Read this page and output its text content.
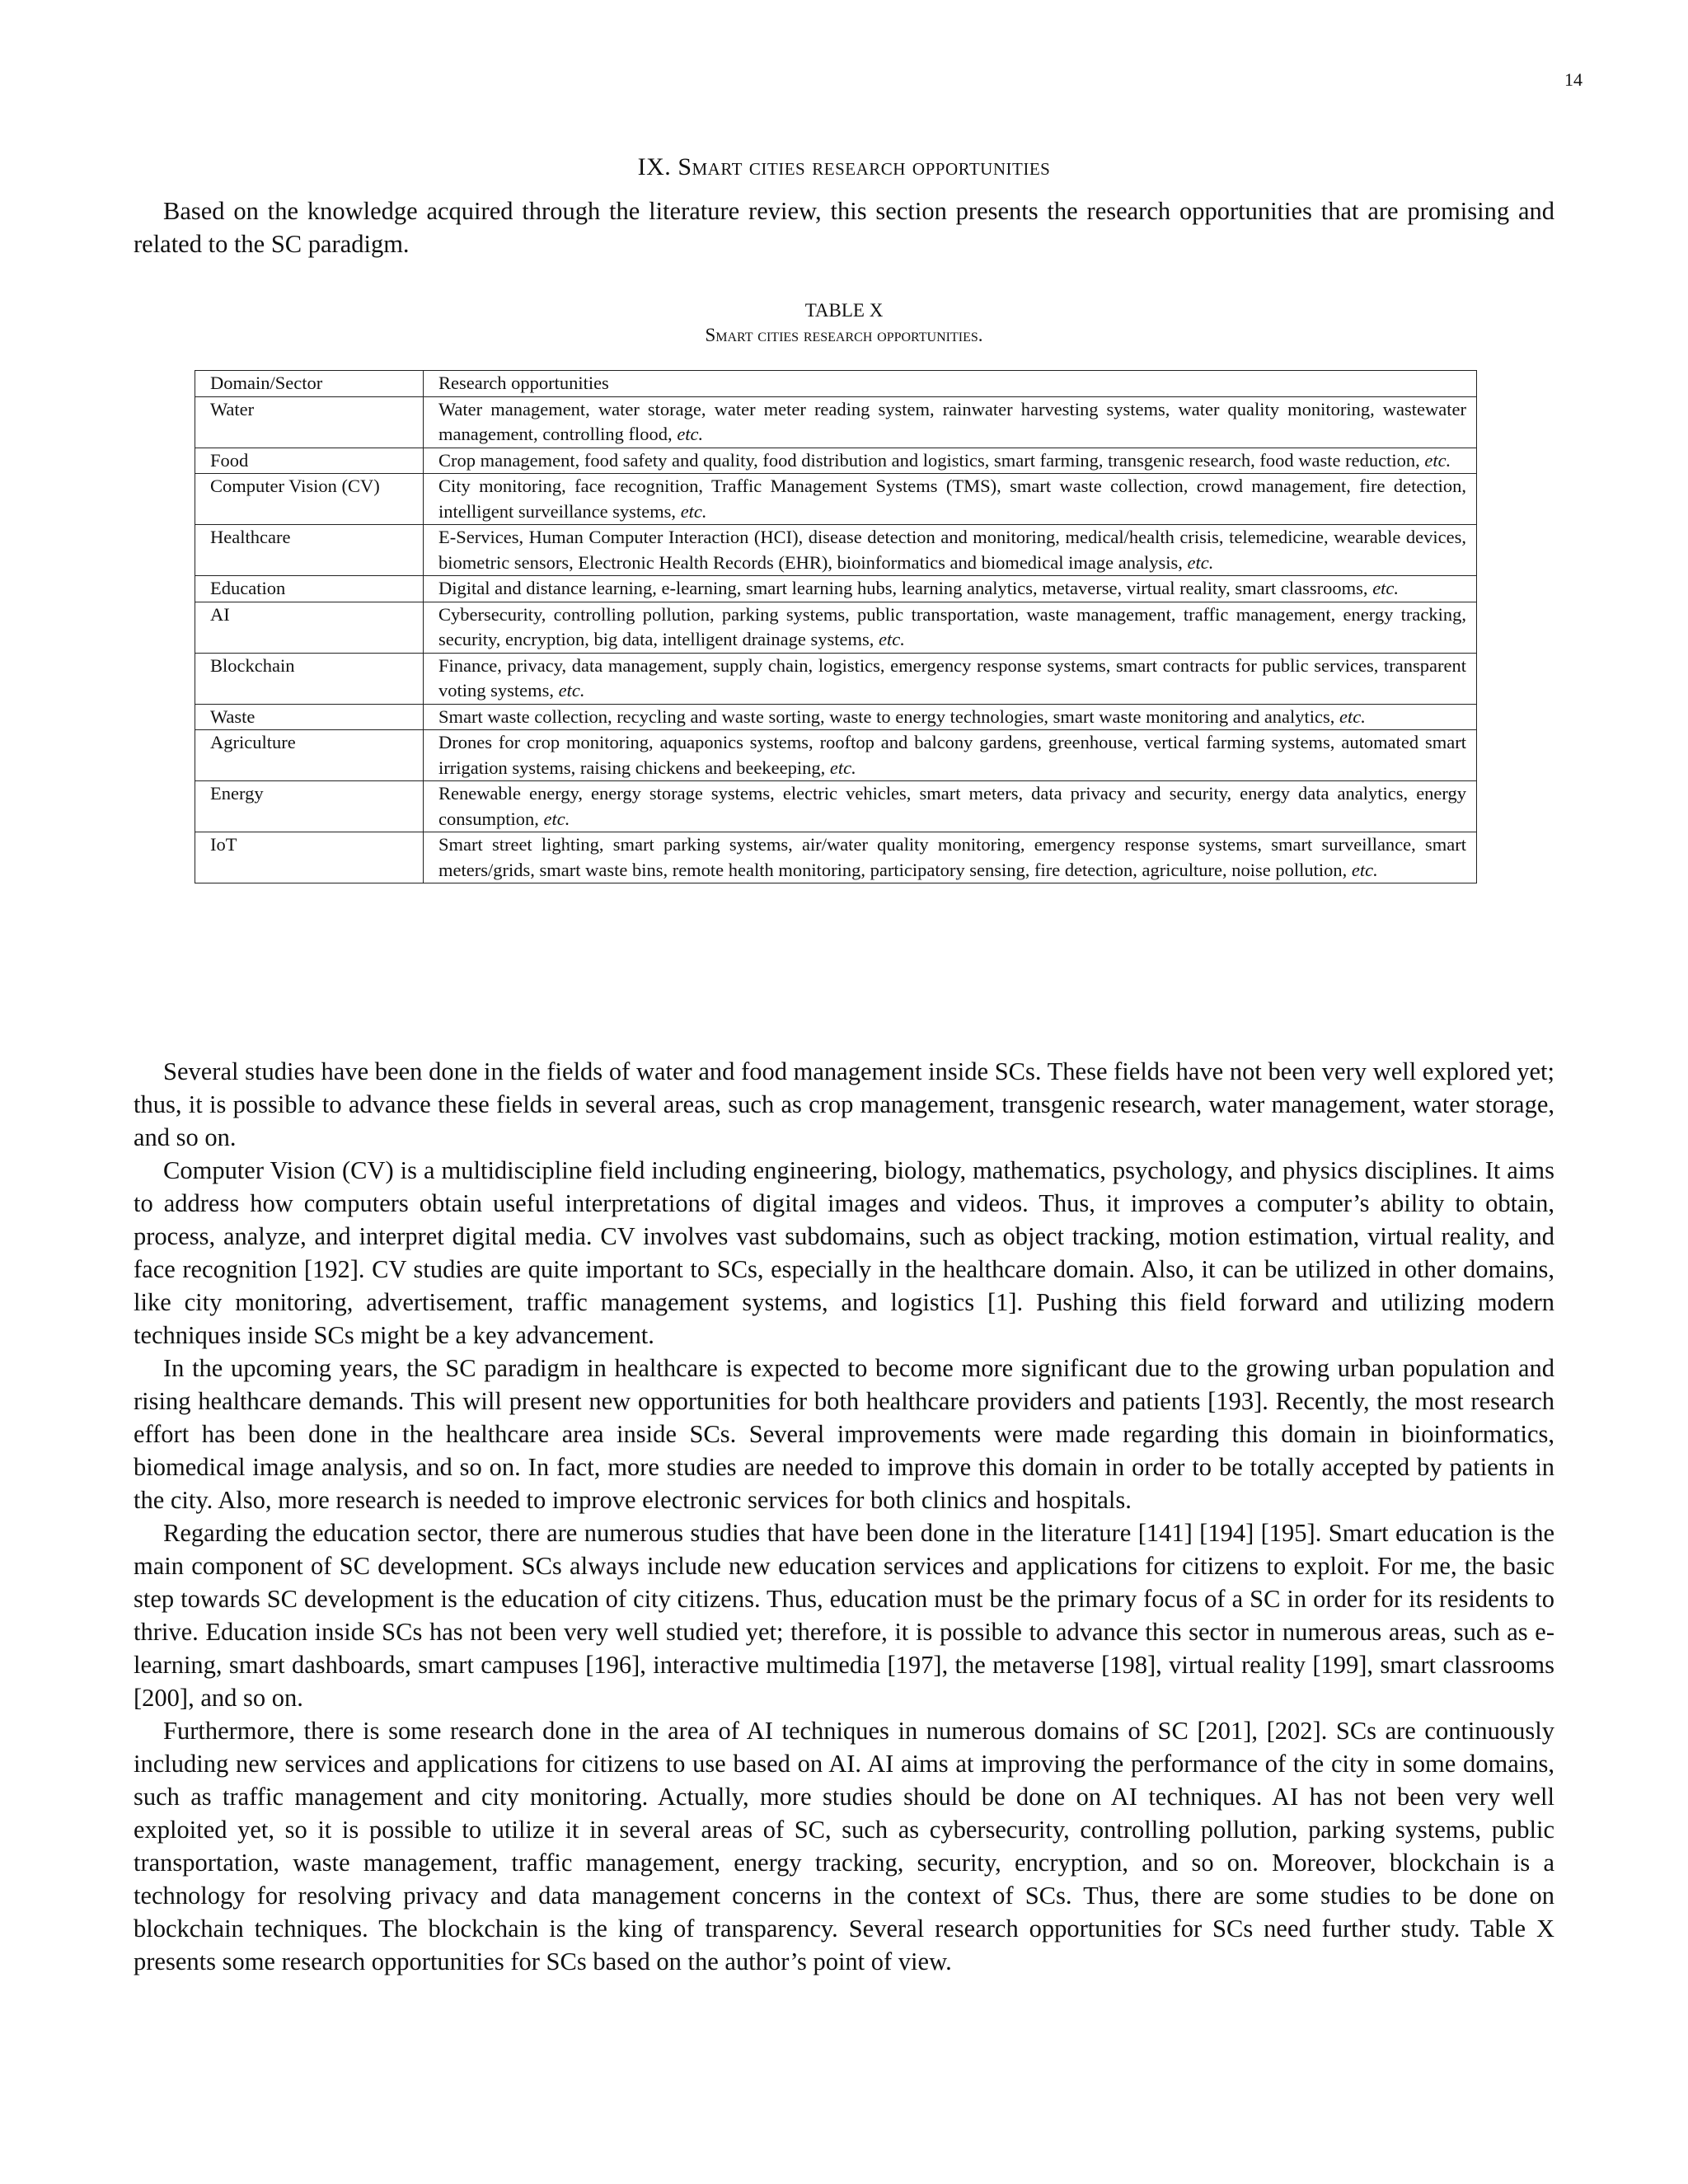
14
IX. Smart cities research opportunities

Based on the knowledge acquired through the literature review, this section presents the research opportunities that are promising and related to the SC paradigm.

TABLE X
Smart cities research opportunities.
Domain/Sector	Research opportunities
Water	Water management, water storage, water meter reading system, rainwater harvesting systems, water quality monitoring, wastewater management, controlling flood, etc.
Food	Crop management, food safety and quality, food distribution and logistics, smart farming, transgenic research, food waste reduction, etc.
Computer Vision (CV)	City monitoring, face recognition, Traffic Management Systems (TMS), smart waste collection, crowd management, fire detection, intelligent surveillance systems, etc.
Healthcare	E-Services, Human Computer Interaction (HCI), disease detection and monitoring, medical/health crisis, telemedicine, wearable devices, biometric sensors, Electronic Health Records (EHR), bioinformatics and biomedical image analysis, etc.
Education	Digital and distance learning, e-learning, smart learning hubs, learning analytics, metaverse, virtual reality, smart classrooms, etc.
AI	Cybersecurity, controlling pollution, parking systems, public transportation, waste management, traffic management, energy tracking, security, encryption, big data, intelligent drainage systems, etc.
Blockchain	Finance, privacy, data management, supply chain, logistics, emergency response systems, smart contracts for public services, transparent voting systems, etc.
Waste	Smart waste collection, recycling and waste sorting, waste to energy technologies, smart waste monitoring and analytics, etc.
Agriculture	Drones for crop monitoring, aquaponics systems, rooftop and balcony gardens, greenhouse, vertical farming systems, automated smart irrigation systems, raising chickens and beekeeping, etc.
Energy	Renewable energy, energy storage systems, electric vehicles, smart meters, data privacy and security, energy data analytics, energy consumption, etc.
IoT	Smart street lighting, smart parking systems, air/water quality monitoring, emergency response systems, smart surveillance, smart meters/grids, smart waste bins, remote health monitoring, participatory sensing, fire detection, agriculture, noise pollution, etc.

Several studies have been done in the fields of water and food management inside SCs. These fields have not been very well explored yet; thus, it is possible to advance these fields in several areas, such as crop management, transgenic research, water management, water storage, and so on.

Computer Vision (CV) is a multidiscipline field including engineering, biology, mathematics, psychology, and physics disciplines. It aims to address how computers obtain useful interpretations of digital images and videos. Thus, it improves a computer’s ability to obtain, process, analyze, and interpret digital media. CV involves vast subdomains, such as object tracking, motion estimation, virtual reality, and face recognition [192]. CV studies are quite important to SCs, especially in the healthcare domain. Also, it can be utilized in other domains, like city monitoring, advertisement, traffic management systems, and logistics [1]. Pushing this field forward and utilizing modern techniques inside SCs might be a key advancement.

In the upcoming years, the SC paradigm in healthcare is expected to become more significant due to the growing urban population and rising healthcare demands. This will present new opportunities for both healthcare providers and patients [193]. Recently, the most research effort has been done in the healthcare area inside SCs. Several improvements were made regarding this domain in bioinformatics, biomedical image analysis, and so on. In fact, more studies are needed to improve this domain in order to be totally accepted by patients in the city. Also, more research is needed to improve electronic services for both clinics and hospitals.

Regarding the education sector, there are numerous studies that have been done in the literature [141] [194] [195]. Smart education is the main component of SC development. SCs always include new education services and applications for citizens to exploit. For me, the basic step towards SC development is the education of city citizens. Thus, education must be the primary focus of a SC in order for its residents to thrive. Education inside SCs has not been very well studied yet; therefore, it is possible to advance this sector in numerous areas, such as e-learning, smart dashboards, smart campuses [196], interactive multimedia [197], the metaverse [198], virtual reality [199], smart classrooms [200], and so on.

Furthermore, there is some research done in the area of AI techniques in numerous domains of SC [201], [202]. SCs are continuously including new services and applications for citizens to use based on AI. AI aims at improving the performance of the city in some domains, such as traffic management and city monitoring. Actually, more studies should be done on AI techniques. AI has not been very well exploited yet, so it is possible to utilize it in several areas of SC, such as cybersecurity, controlling pollution, parking systems, public transportation, waste management, traffic management, energy tracking, security, encryption, and so on. Moreover, blockchain is a technology for resolving privacy and data management concerns in the context of SCs. Thus, there are some studies to be done on blockchain techniques. The blockchain is the king of transparency. Several research opportunities for SCs need further study. Table X presents some research opportunities for SCs based on the author’s point of view.
